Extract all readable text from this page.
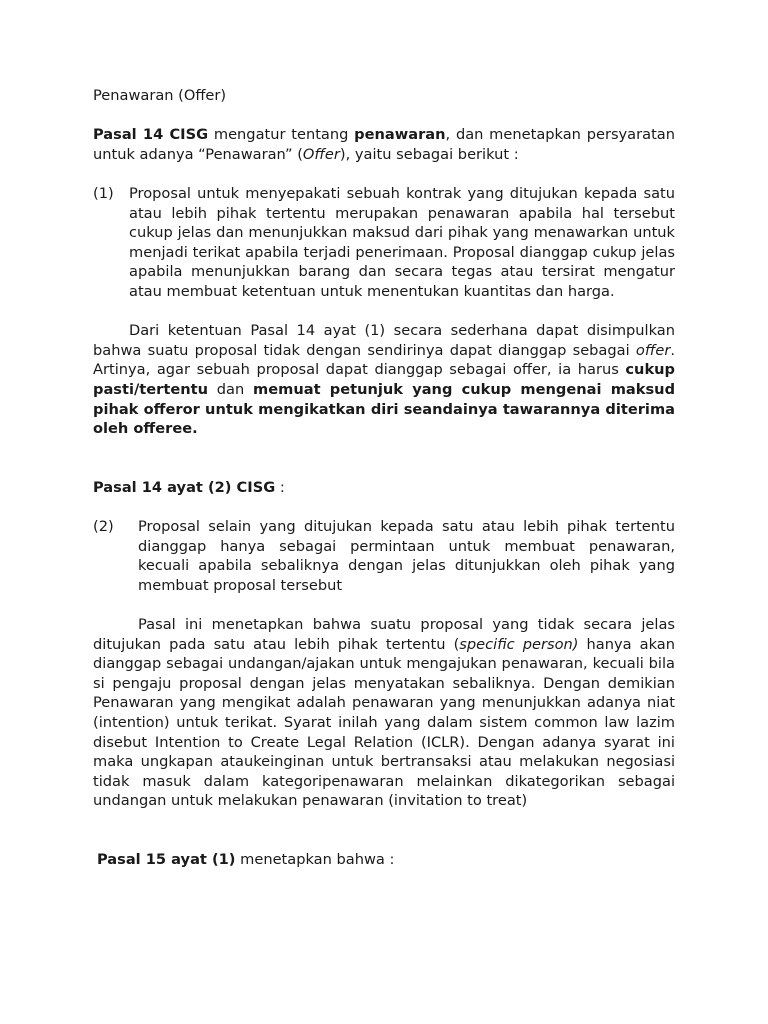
Penawaran (Offer)

Pasal 14 CISG mengatur tentang penawaran, dan menetapkan persyaratan untuk adanya “Penawaran” (Offer), yaitu sebagai berikut :

(1)	Proposal untuk menyepakati sebuah kontrak yang ditujukan kepada satu atau lebih pihak tertentu merupakan penawaran apabila hal tersebut cukup jelas dan menunjukkan maksud dari pihak yang menawarkan untuk menjadi terikat apabila terjadi penerimaan. Proposal dianggap cukup jelas apabila menunjukkan barang dan secara tegas atau tersirat mengatur atau membuat ketentuan untuk menentukan kuantitas dan harga.

Dari ketentuan Pasal 14 ayat (1) secara sederhana dapat disimpulkan bahwa suatu proposal tidak dengan sendirinya dapat dianggap sebagai offer. Artinya, agar sebuah proposal dapat dianggap sebagai offer, ia harus cukup pasti/tertentu dan memuat petunjuk yang cukup mengenai maksud pihak offeror untuk mengikatkan diri seandainya tawarannya diterima oleh offeree.

Pasal 14 ayat (2) CISG :

(2)	Proposal selain yang ditujukan kepada satu atau lebih pihak tertentu dianggap hanya sebagai permintaan untuk membuat penawaran, kecuali apabila sebaliknya dengan jelas ditunjukkan oleh pihak yang membuat proposal tersebut

Pasal ini menetapkan bahwa suatu proposal yang tidak secara jelas ditujukan pada satu atau lebih pihak tertentu (specific person) hanya akan dianggap sebagai undangan/ajakan untuk mengajukan penawaran, kecuali bila si pengaju proposal dengan jelas menyatakan sebaliknya. Dengan demikian Penawaran yang mengikat adalah penawaran yang menunjukkan adanya niat (intention) untuk terikat. Syarat inilah yang dalam sistem common law lazim disebut Intention to Create Legal Relation (ICLR). Dengan adanya syarat ini maka ungkapan ataukeinginan untuk bertransaksi atau melakukan negosiasi tidak masuk dalam kategoripenawaran melainkan dikategorikan sebagai undangan untuk melakukan penawaran (invitation to treat)

Pasal 15 ayat (1) menetapkan bahwa :
